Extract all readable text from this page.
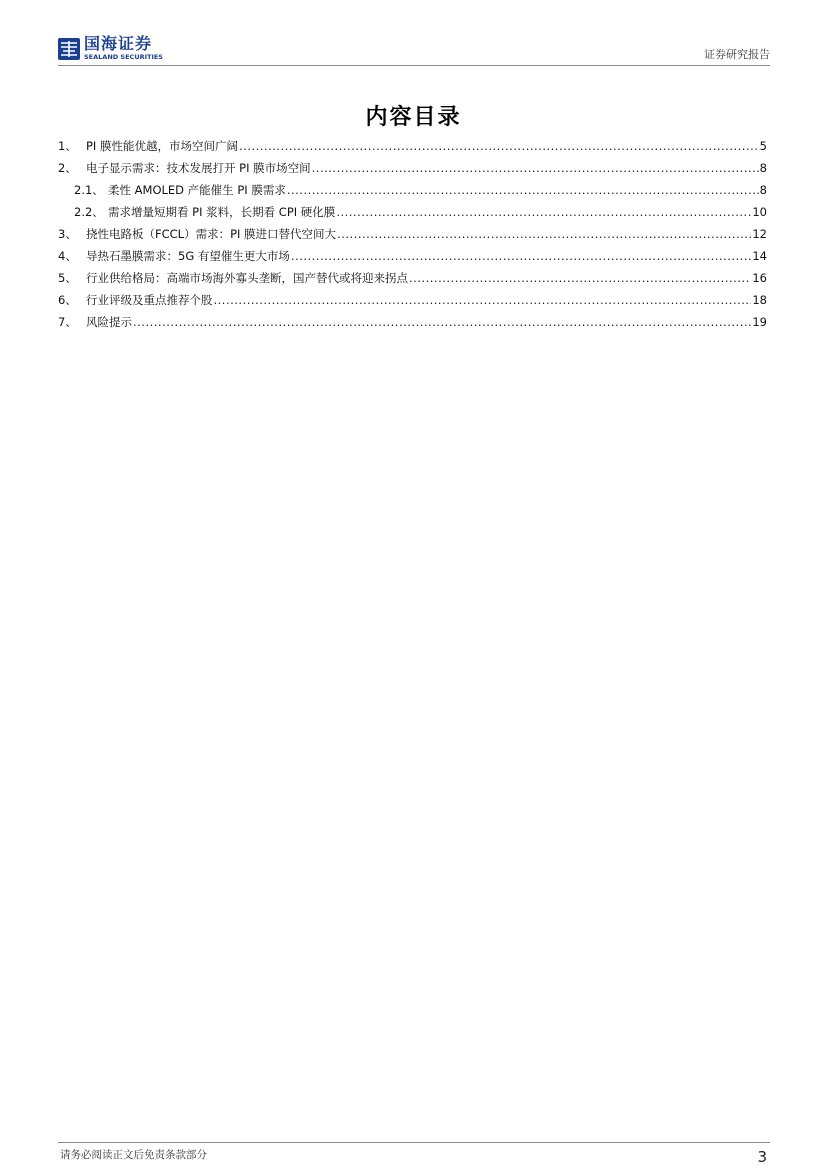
国海证券
SEALAND SECURITIES	证券研究报告
内容目录
1、 PI 膜性能优越，市场空间广阔 .....	5
2、 电子显示需求：技术发展打开 PI 膜市场空间 .....	8
2.1、 柔性 AMOLED 产能催生 PI 膜需求 .....	8
2.2、 需求增量短期看 PI 浆料，长期看 CPI 硬化膜 .....	10
3、 挠性电路板（FCCL）需求：PI 膜进口替代空间大 .....	12
4、 导热石墨膜需求：5G 有望催生更大市场 .....	14
5、 行业供给格局：高端市场海外寡头垄断，国产替代或将迎来拐点 .....	16
6、 行业评级及重点推荐个股 .....	18
7、 风险提示 .....	19
请务必阅读正文后免责条款部分	3
